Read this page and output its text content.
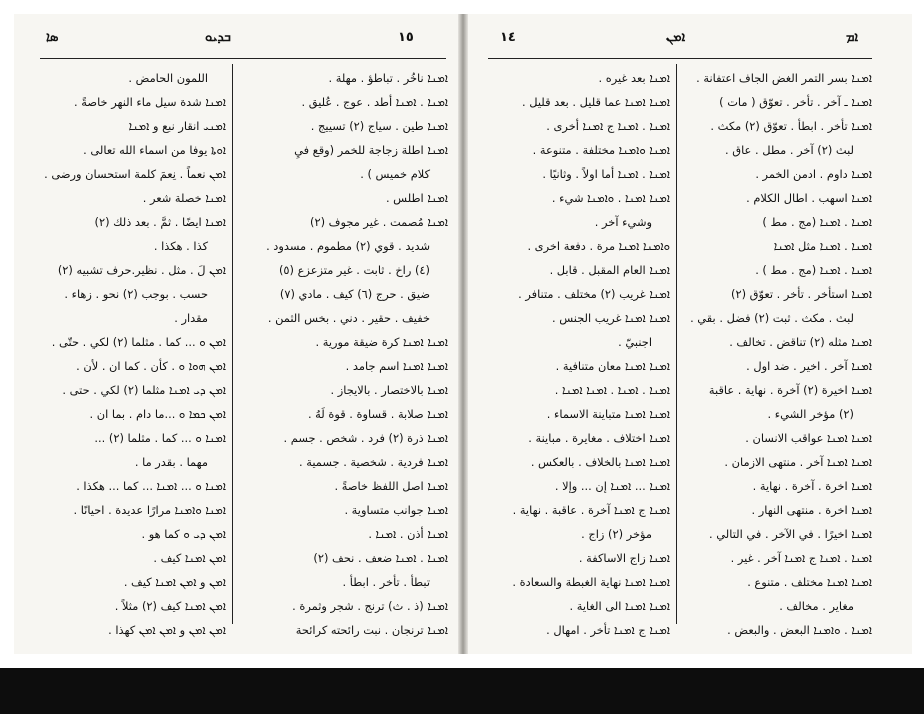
ܣܐ	ܒܕܝܘ	١٥	١٤	ܐܡܢ	ܐܡ
اللمون الحامض .
ܐܡܢܐ شدة سيل ماء النهر خاصةً .
ܐܡܢܝ انقار نبع و ܐܡܢܐ
ܐܘܬܐ يوفا من اسماء الله تعالى .
ܐܡܢ نعماً . نِعمَ كلمة استحسان ورضى .
ܐܡܢܐ خصلة شعر .
ܐܡܢܐ ايضًا . ثمَّ . بعد ذلك (٢)
كذا . هكذا .
ܐܡܢ لَ . مثل . نظير.حرف تشبيه (٢)
حسب . بوجب (٢) نحو . زهاء .
مقدار .
ܐܡܢ ܘ ... كما . مثلما (٢) لكي . حتّى .
ܐܡܢ ܗܘܐ ܘ . كأن . كما ان . لأن .
ܐܡܢ ܕܝ ܐܡܢܐ مثلما (٢) لكي . حتى .
ܐܡܢ ܟܡܐ ܘ ...ما دام . بما ان .
ܐܡܢܐ ܘ ... كما . مثلما (٢) ...
مهما . بقدر ما .
ܐܡܢܐ ܘ ... ܐܡܢܐ ... كما ... هكذا .
ܐܡܢܐ ܘܐܡܢܐ مرارًا عديدة . احيانًا .
ܐܡܢ ܕܝ ܘ كما هو .
ܐܡܢ ܐܡܢܐ كيف .
ܐܡܢ و ܐܡܢ ܐܡܢܐ كيف .
ܐܡܢ ܐܡܢܐ كيف (٢) مثلاً .
ܐܡܢ ܐܡܢ و ܐܡܢ ܐܡܢ كهذا .
ܐܡܢܐ ناخُر . تباطؤ . مهلة .
ܐܡܢܐ . ܐܡܢܐ أطد . عوج . عُليق .
ܐܡܢܐ طين . سياج (٢) تسييج .
ܐܡܢܐ اطلة زجاجة للخمر (وقع فيِ
كلام خميس ) .
ܐܡܢܐ اطلس .
ܐܡܢܐ مُصمت . غير مجوف (٢)
شديد . قوي (٢) مطموم . مسدود .
(٤) راخ . ثابت . غير متزعزع (٥)
ضيق . حرج (٦) كيف . مادي (٧)
خفيف . حقير . دني . بخس الثمن .
ܐܡܢܐ ܐܡܢܐ كرة ضيقة مورية .
ܐܡܢܐ ܐܡܢܐ اسم جامد .
ܐܡܢܐ بالاختصار . بالايجاز .
ܐܡܢܐ صلابة . قساوة . قوة لَهُ .
ܐܡܢܐ ذرة (٢) فرد . شخص . جسم .
ܐܡܢܐ فردية . شخصية . جسمية .
ܐܡܢܐ اصل اللفظ خاصةً .
ܐܡܢܐ جوانب متساوية .
ܐܡܢܐ أذن . ܐܡܢܐ .
ܐܡܢܐ . ܐܡܢܐ ضعف . نحف (٢)
تبطأ . تأخر . ابطأ .
ܐܡܢܐ (ذ . ث) ترنج . شجر وثمرة .
ܐܡܢܐ ترنجان . نبت رائحته كرائحة
ܐܡܢܐ بعد غيره .
ܐܡܢܐ ܐܡܢܐ عما قليل . بعد قليل .
ܐܡܢܐ . ܐܡܢܐ ج ܐܡܢܐ أخرى .
ܐܡܢܐ ܘܐܡܢܐ مختلفة . متنوعة .
ܐܡܢܐ . ܐܡܢܐ أما اولاً . وثانيًا .
ܐܡܢܐ ܐܡܢܐ . ܘܐܡܢܐ شيء .
وشيء آخر .
ܘܐܡܢܐ ܐܡܢܐ مرة . دفعة اخرى .
ܐܡܢܐ العام المقبل . قابل .
ܐܡܢܐ غريب (٢) مختلف . متنافر .
ܐܡܢܐ ܐܡܢܐ غريب الجنس .
اجنبيّ .
ܐܡܢܐ ܐܡܢܐ معان متنافية .
ܐܡܢܐ . ܐܡܢܐ . ܐܡܢܐ ܐܡܢܐ .
ܐܡܢܐ ܐܡܢܐ متباينة الاسماء .
ܐܡܢܐ اختلاف . مغايرة . مباينة .
ܐܡܢܐ ܐܡܢܐ بالخلاف . بالعكس .
ܐܡܢܐ ... ܐܡܢܐ إن ... وإلا .
ܐܡܢܐ ج ܐܡܢܐ آخرة . عاقبة . نهاية .
مؤخر (٢) زاج .
ܐܡܢܐ زاج الاساكفة .
ܐܡܢܐ ܐܡܢܐ نهاية الغبطة والسعادة .
ܐܡܢܐ ܐܡܢܐ الى الغاية .
ܐܡܢܐ ج ܐܡܢܐ تأخر . امهال .
ܐܡܢܐ بسر التمر الغض الجاف اعتفانة .
ܐܡܢܐ ـ آخر . تأخر . تعوّق ( مات )
ܐܡܢܐ تأخر . ابطأ . تعوّق (٢) مكث .
لبث (٢) آخر . مطل . عاق .
ܐܡܢܐ داوم . ادمن الخمر .
ܐܡܢܐ اسهب . اطال الكلام .
ܐܡܢܐ . ܐܡܢܐ (مج . مط )
ܐܡܢܐ . ܐܡܢܐ مثل ܐܡܢܐ
ܐܡܢܐ . ܐܡܢܐ (مج . مط ) .
ܐܡܢܐ استأخر . تأخر . تعوّق (٢)
لبث . مكث . ثبت (٢) فضل . بقي .
ܐܡܢܐ مثله (٢) تناقض . تخالف .
ܐܡܢܐ آخر . اخير . ضد اول .
ܐܡܢܐ اخيرة (٢) آخرة . نهاية . عاقبة
(٢) مؤخر الشيء .
ܐܡܢܐ ܐܡܢܐ عواقب الانسان .
ܐܡܢܐ ܐܡܢܐ آخر . منتهى الازمان .
ܐܡܢܐ اخرة . آخرة . نهاية .
ܐܡܢܐ اخرة . منتهى النهار .
ܐܡܢܐ اخيرًا . في الآخر . في التالي .
ܐܡܢܐ . ܐܡܢܐ ج ܐܡܢܐ آخر . غير .
ܐܡܢܐ ܐܡܢܐ مختلف . متنوع .
مغاير . مخالف .
ܐܡܢܐ . ܘܐܡܢܐ البعض . والبعض .
